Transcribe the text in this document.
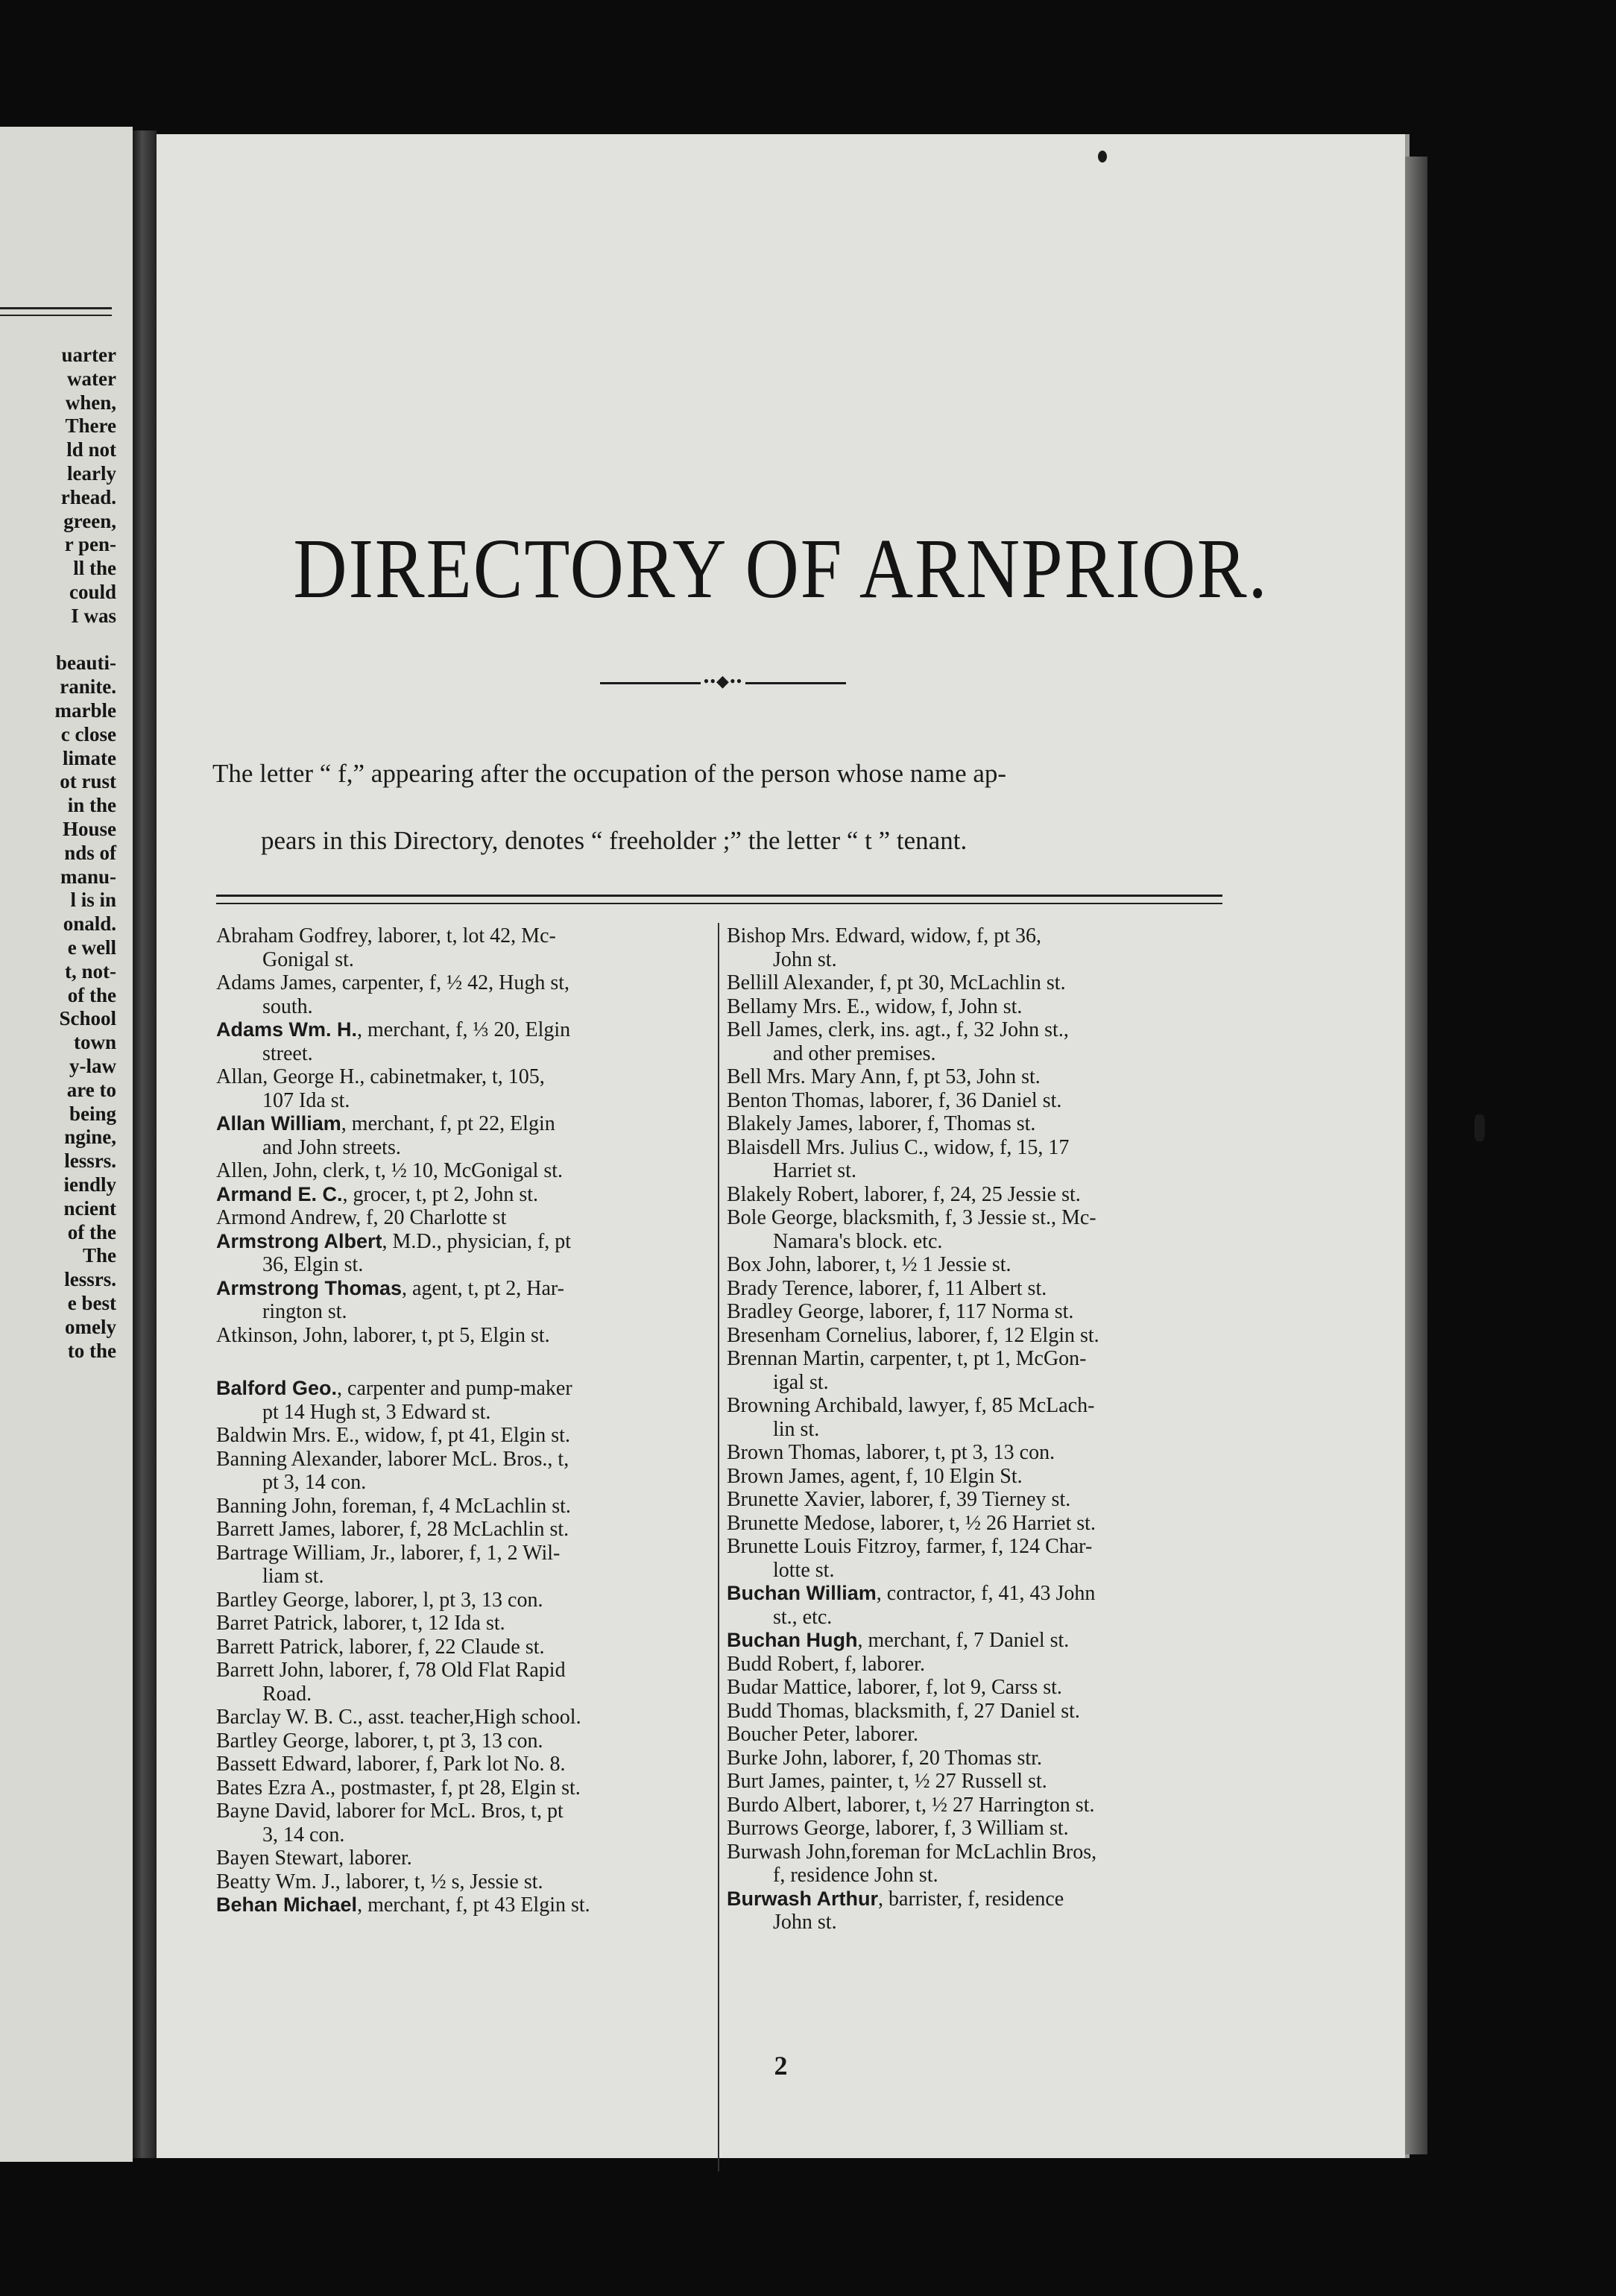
uarter
water
when,
There
ld not
learly
rhead.
green,
r pen-
ll the
could
I was
beauti-
ranite.
marble
c close
limate
ot rust
in the
House
nds of
manu-
l is in
onald.
e well
t, not-
of the
School
town
y-law
are to
being
ngine,
lessrs.
iendly
ncient
of the
The
lessrs.
e best
omely
to the
DIRECTORY OF ARNPRIOR.
••◆••
The letter “ f,” appearing after the occupation of the person whose name ap-
pears in this Directory, denotes “ freeholder ;” the letter “ t ” tenant.
Abraham Godfrey, laborer, t, lot 42, Mc-
Gonigal st.
Adams James, carpenter, f, ½ 42, Hugh st,
south.
Adams Wm. H., merchant, f, ⅓ 20, Elgin
street.
Allan, George H., cabinetmaker, t, 105,
107 Ida st.
Allan William, merchant, f, pt 22, Elgin
and John streets.
Allen, John, clerk, t, ½ 10, McGonigal st.
Armand E. C., grocer, t, pt 2, John st.
Armond Andrew, f, 20 Charlotte st
Armstrong Albert, M.D., physician, f, pt
36, Elgin st.
Armstrong Thomas, agent, t, pt 2, Har-
rington st.
Atkinson, John, laborer, t, pt 5, Elgin st.
Balford Geo., carpenter and pump-maker
pt 14 Hugh st, 3 Edward st.
Baldwin Mrs. E., widow, f, pt 41, Elgin st.
Banning Alexander, laborer McL. Bros., t,
pt 3, 14 con.
Banning John, foreman, f, 4 McLachlin st.
Barrett James, laborer, f, 28 McLachlin st.
Bartrage William, Jr., laborer, f, 1, 2 Wil-
liam st.
Bartley George, laborer, l, pt 3, 13 con.
Barret Patrick, laborer, t, 12 Ida st.
Barrett Patrick, laborer, f, 22 Claude st.
Barrett John, laborer, f, 78 Old Flat Rapid
Road.
Barclay W. B. C., asst. teacher,High school.
Bartley George, laborer, t, pt 3, 13 con.
Bassett Edward, laborer, f, Park lot No. 8.
Bates Ezra A., postmaster, f, pt 28, Elgin st.
Bayne David, laborer for McL. Bros, t, pt
3, 14 con.
Bayen Stewart, laborer.
Beatty Wm. J., laborer, t, ½ s, Jessie st.
Behan Michael, merchant, f, pt 43 Elgin st.
Bishop Mrs. Edward, widow, f, pt 36,
John st.
Bellill Alexander, f, pt 30, McLachlin st.
Bellamy Mrs. E., widow, f, John st.
Bell James, clerk, ins. agt., f, 32 John st.,
and other premises.
Bell Mrs. Mary Ann, f, pt 53, John st.
Benton Thomas, laborer, f, 36 Daniel st.
Blakely James, laborer, f, Thomas st.
Blaisdell Mrs. Julius C., widow, f, 15, 17
Harriet st.
Blakely Robert, laborer, f, 24, 25 Jessie st.
Bole George, blacksmith, f, 3 Jessie st., Mc-
Namara's block. etc.
Box John, laborer, t, ½ 1 Jessie st.
Brady Terence, laborer, f, 11 Albert st.
Bradley George, laborer, f, 117 Norma st.
Bresenham Cornelius, laborer, f, 12 Elgin st.
Brennan Martin, carpenter, t, pt 1, McGon-
igal st.
Browning Archibald, lawyer, f, 85 McLach-
lin st.
Brown Thomas, laborer, t, pt 3, 13 con.
Brown James, agent, f, 10 Elgin St.
Brunette Xavier, laborer, f, 39 Tierney st.
Brunette Medose, laborer, t, ½ 26 Harriet st.
Brunette Louis Fitzroy, farmer, f, 124 Char-
lotte st.
Buchan William, contractor, f, 41, 43 John
st., etc.
Buchan Hugh, merchant, f, 7 Daniel st.
Budd Robert, f, laborer.
Budar Mattice, laborer, f, lot 9, Carss st.
Budd Thomas, blacksmith, f, 27 Daniel st.
Boucher Peter, laborer.
Burke John, laborer, f, 20 Thomas str.
Burt James, painter, t, ½ 27 Russell st.
Burdo Albert, laborer, t, ½ 27 Harrington st.
Burrows George, laborer, f, 3 William st.
Burwash John,foreman for McLachlin Bros,
f, residence John st.
Burwash Arthur, barrister, f, residence
John st.
2
